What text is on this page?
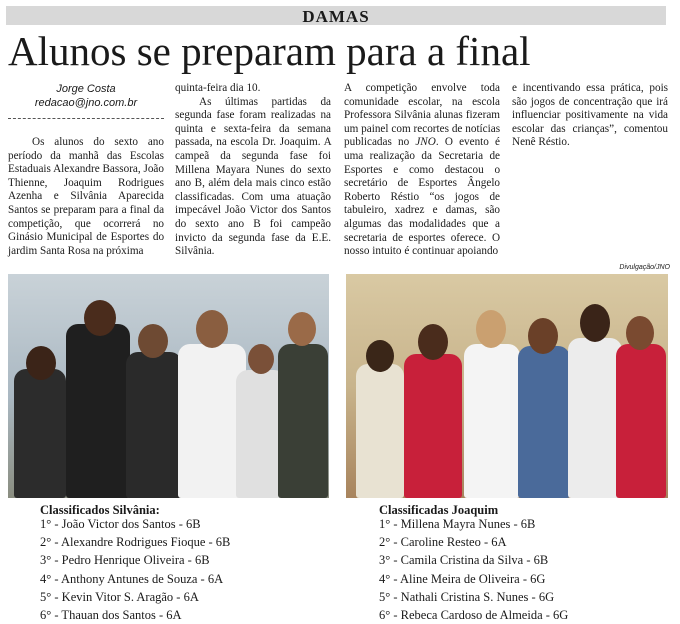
DAMAS
Alunos se preparam para a final
Jorge Costa
redacao@jno.com.br

Os alunos do sexto ano período da manhã das Escolas Estaduais Alexandre Bassora, João Thienne, Joaquim Rodrigues Azenha e Silvânia Aparecida Santos se preparam para a final da competição, que ocorrerá no Ginásio Municipal de Esportes do jardim Santa Rosa na próxima

quinta-feira dia 10.

As últimas partidas da segunda fase foram realizadas na quinta e sexta-feira da semana passada, na escola Dr. Joaquim. A campeã da segunda fase foi Millena Mayara Nunes do sexto ano B, além dela mais cinco estão classificadas. Com uma atuação impecável João Victor dos Santos do sexto ano B foi campeão invicto da segunda fase da E.E. Silvânia.

A competição envolve toda comunidade escolar, na escola Professora Silvânia alunas fizeram um painel com recortes de notícias publicadas no JNO. O evento é uma realização da Secretaria de Esportes e como destacou o secretário de Esportes Ângelo Roberto Réstio “os jogos de tabuleiro, xadrez e damas, são algumas das modalidades que a secretaria de esportes oferece. O nosso intuito é continuar apoiando

e incentivando essa prática, pois são jogos de concentração que irá influenciar positivamente na vida escolar das crianças”, comentou Nenê Réstio.

Divulgação/JNO
Classificados Silvânia:
1° - João Victor dos Santos - 6B
2° - Alexandre Rodrigues Fioque - 6B
3° - Pedro Henrique Oliveira - 6B
4° - Anthony Antunes de Souza - 6A
5° - Kevin Vitor S. Aragão - 6A
6° - Thauan dos Santos - 6A
Classificadas Joaquim
1° - Millena Mayra Nunes - 6B
2° - Caroline Resteo - 6A
3° - Camila Cristina da Silva - 6B
4° - Aline Meira de Oliveira - 6G
5° - Nathali Cristina S. Nunes - 6G
6° - Rebeca Cardoso de Almeida - 6G
